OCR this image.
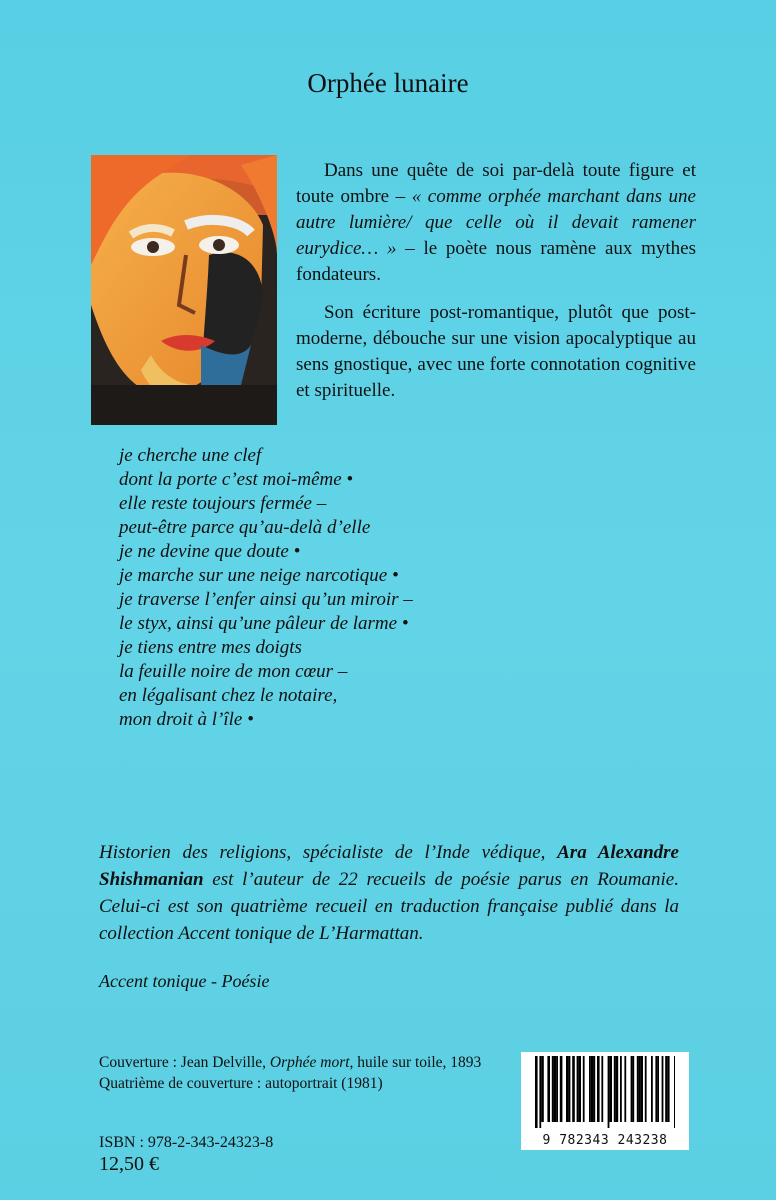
Orphée lunaire

Dans une quête de soi par-delà toute figure et toute ombre – « comme orphée marchant dans une autre lumière/ que celle où il devait ramener eurydice… » – le poète nous ramène aux mythes fondateurs.

Son écriture post-romantique, plutôt que post-moderne, débouche sur une vision apocalyptique au sens gnostique, avec une forte connotation cognitive et spirituelle.

je cherche une clef
dont la porte c’est moi-même •
elle reste toujours fermée –
peut-être parce qu’au-delà d’elle
je ne devine que doute •
je marche sur une neige narcotique •
je traverse l’enfer ainsi qu’un miroir –
le styx, ainsi qu’une pâleur de larme •
je tiens entre mes doigts
la feuille noire de mon cœur –
en légalisant chez le notaire,
mon droit à l’île •
Historien des religions, spécialiste de l’Inde védique, Ara Alexandre Shishmanian est l’auteur de 22 recueils de poésie parus en Roumanie. Celui-ci est son quatrième recueil en traduction française publié dans la collection Accent tonique de L’Harmattan.
Accent tonique - Poésie
Couverture : Jean Delville, Orphée mort, huile sur toile, 1893
Quatrième de couverture : autoportrait (1981)
ISBN : 978-2-343-24323-8
12,50 €
9 782343 243238
